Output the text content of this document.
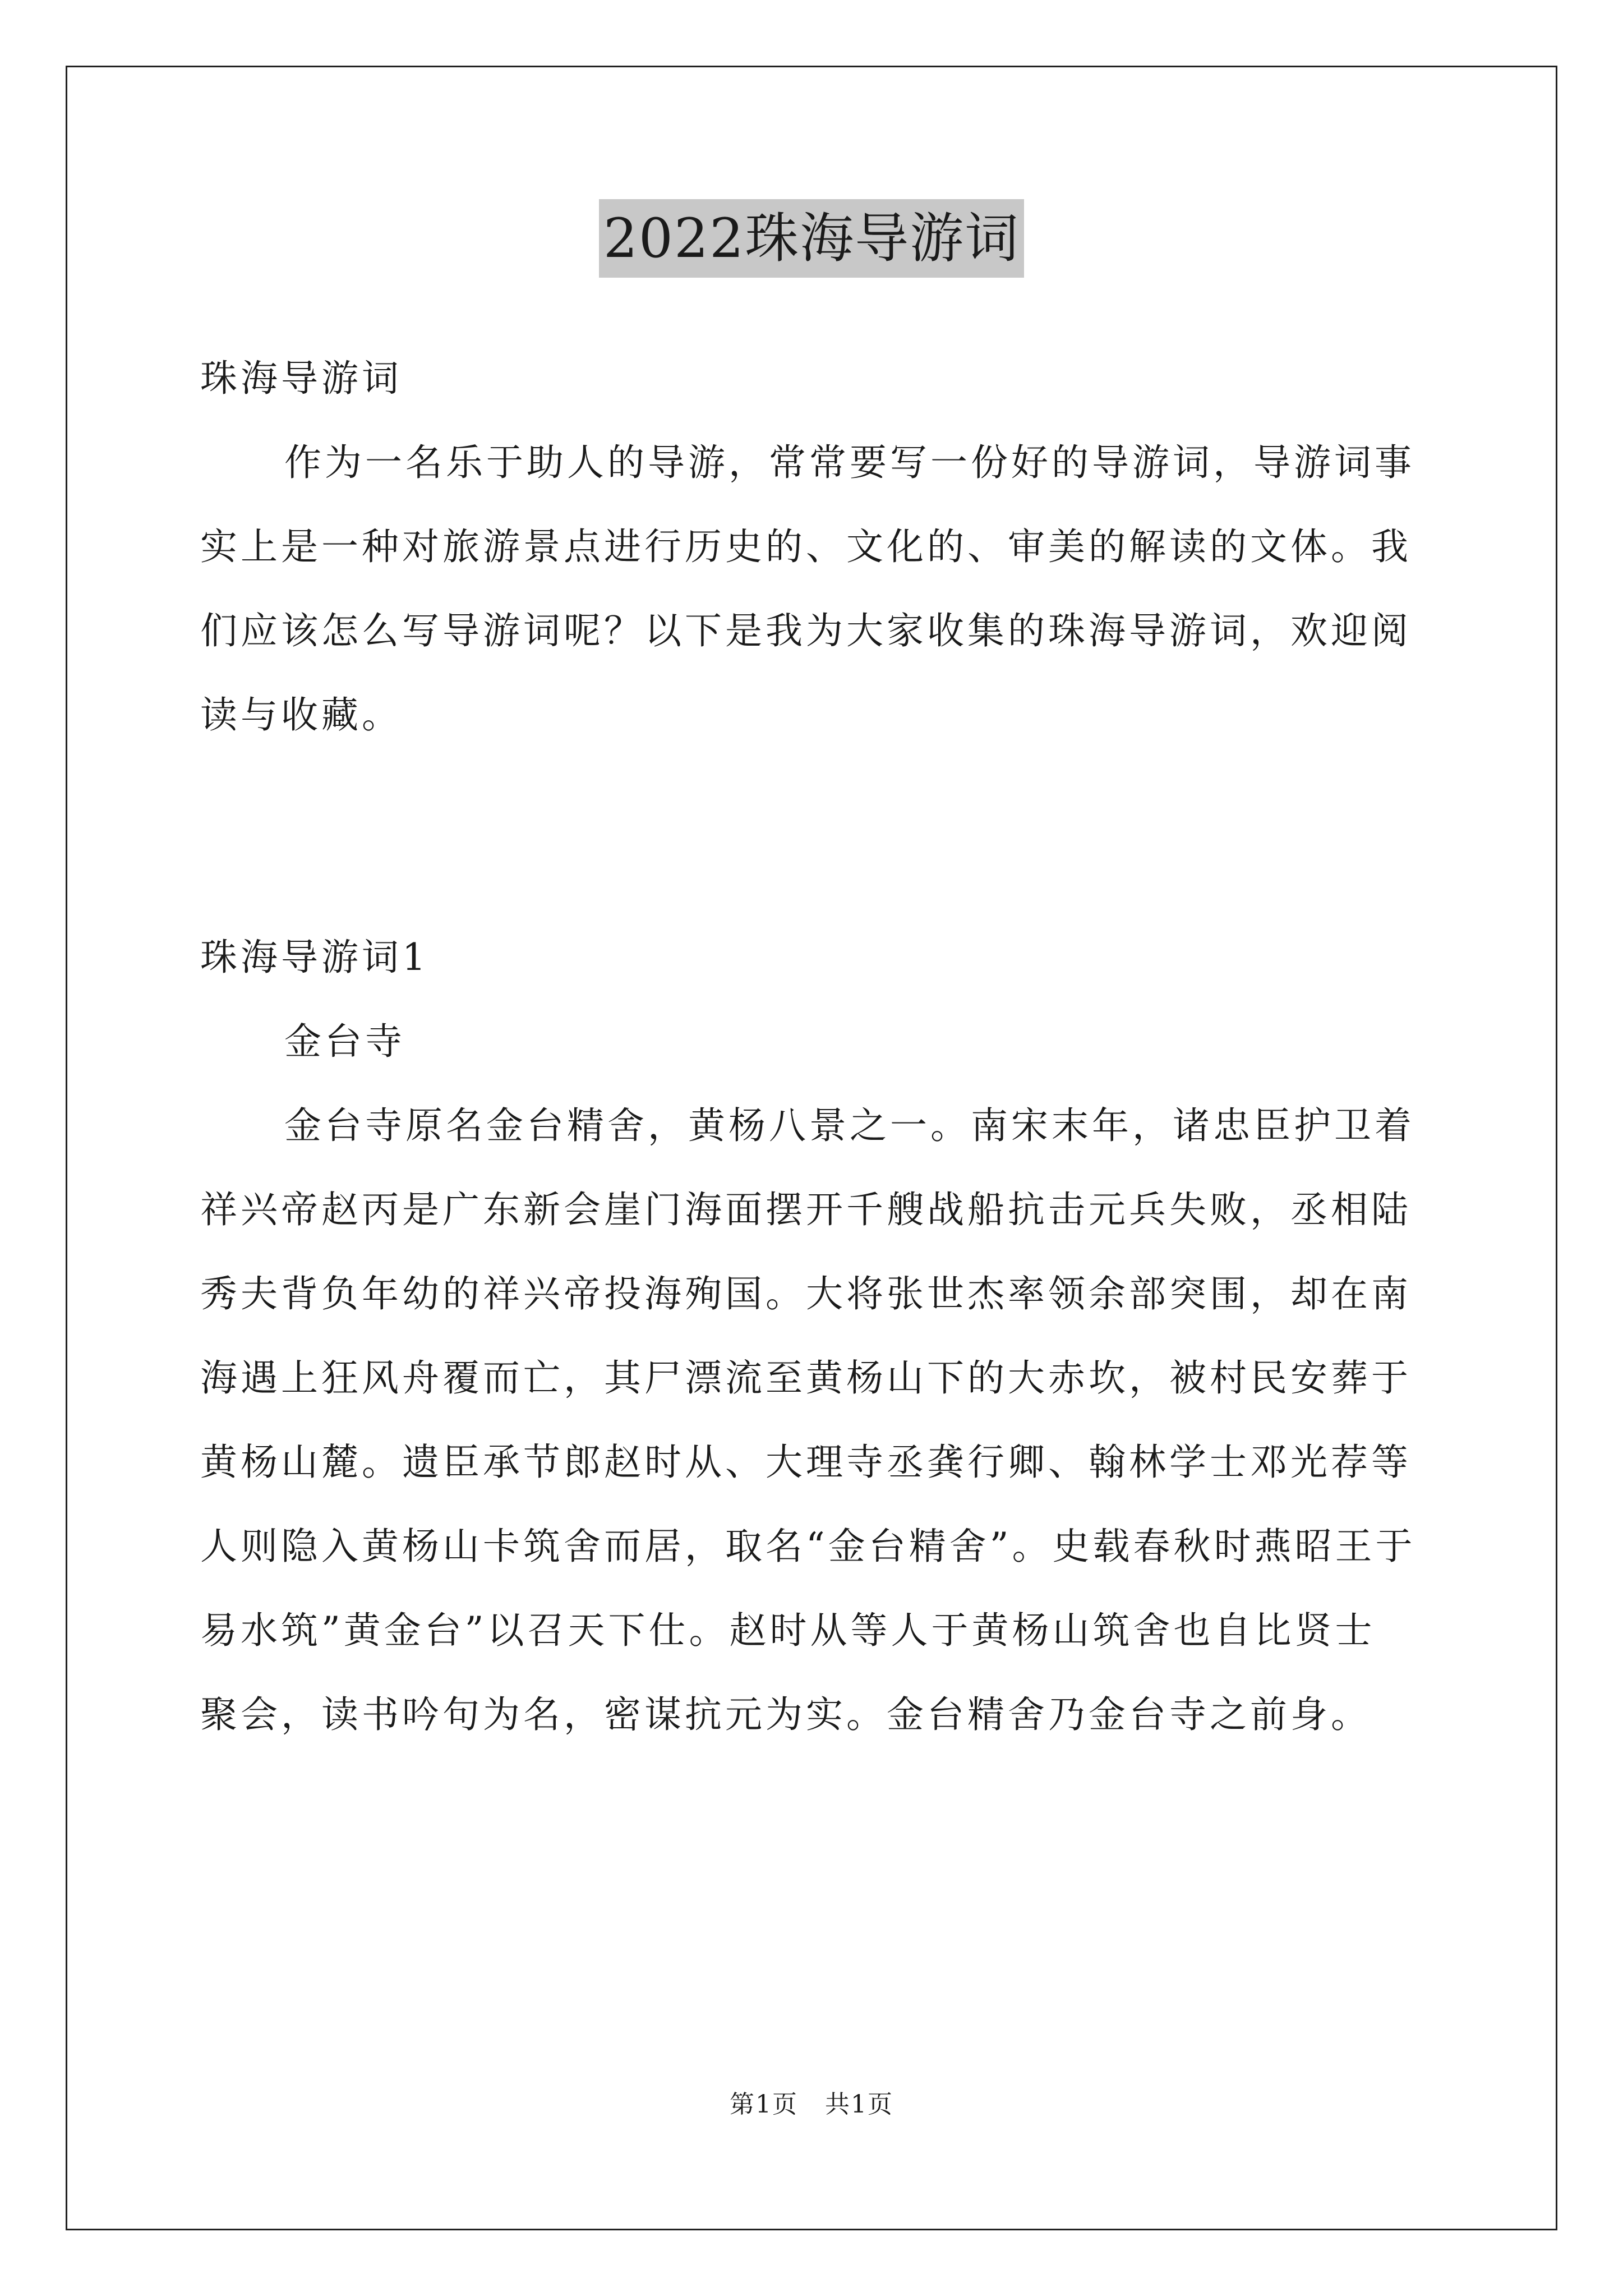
2022珠海导游词

珠海导游词

作为一名乐于助人的导游，常常要写一份好的导游词，导游词事

实上是一种对旅游景点进行历史的、文化的、审美的解读的文体。我

们应该怎么写导游词呢？以下是我为大家收集的珠海导游词，欢迎阅

读与收藏。

珠海导游词1

金台寺

金台寺原名金台精舍，黄杨八景之一。南宋末年，诸忠臣护卫着

祥兴帝赵丙是广东新会崖门海面摆开千艘战船抗击元兵失败，丞相陆

秀夫背负年幼的祥兴帝投海殉国。大将张世杰率领余部突围，却在南

海遇上狂风舟覆而亡，其尸漂流至黄杨山下的大赤坎，被村民安葬于

黄杨山麓。遗臣承节郎赵时从、大理寺丞龚行卿、翰林学士邓光荐等

人则隐入黄杨山卡筑舍而居，取名“金台精舍”。史载春秋时燕昭王于

易水筑”黄金台”以召天下仕。赵时从等人于黄杨山筑舍也自比贤士

聚会，读书吟句为名，密谋抗元为实。金台精舍乃金台寺之前身。

第1页 共1页
